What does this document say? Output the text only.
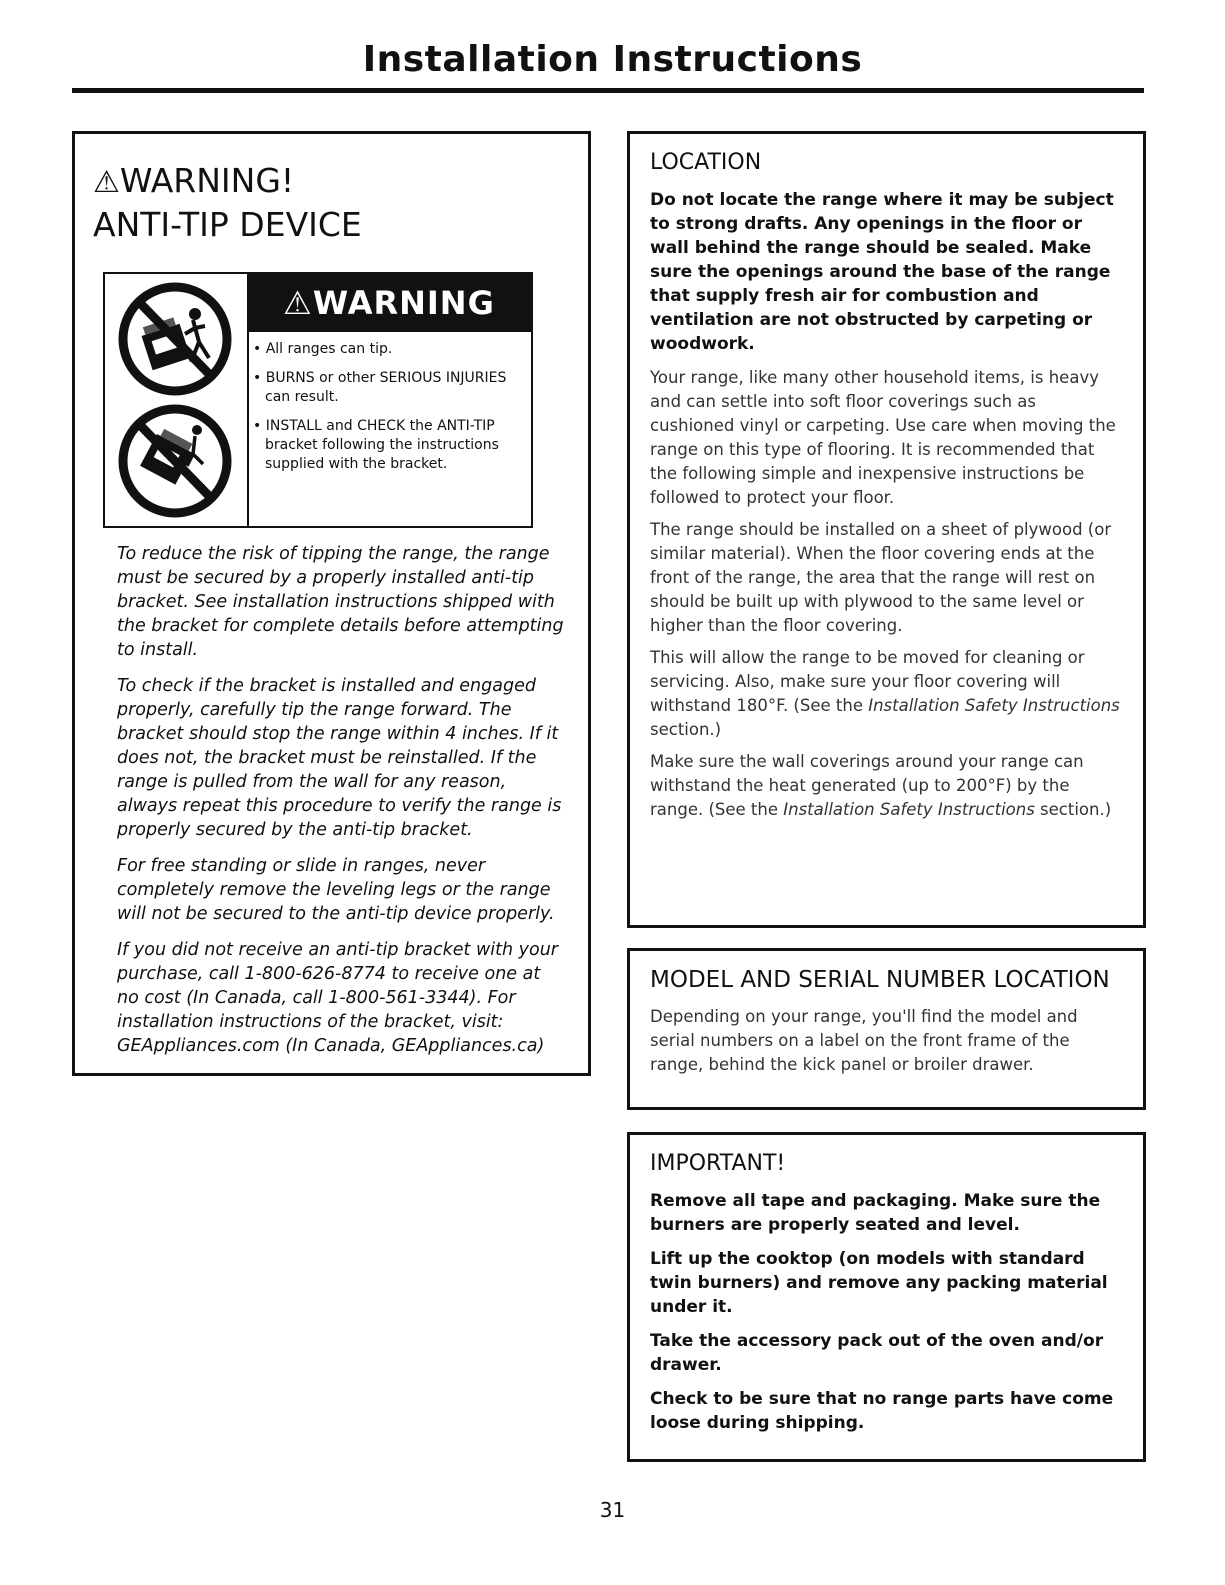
Installation Instructions
⚠WARNING!
ANTI-TIP DEVICE
⚠WARNING
• All ranges can tip.
• BURNS or other SERIOUS INJURIES can result.
• INSTALL and CHECK the ANTI-TIP bracket following the instructions supplied with the bracket.

To reduce the risk of tipping the range, the range must be secured by a properly installed anti-tip bracket. See installation instructions shipped with the bracket for complete details before attempting to install.

To check if the bracket is installed and engaged properly, carefully tip the range forward. The bracket should stop the range within 4 inches. If it does not, the bracket must be reinstalled. If the range is pulled from the wall for any reason, always repeat this procedure to verify the range is properly secured by the anti-tip bracket.

For free standing or slide in ranges, never completely remove the leveling legs or the range will not be secured to the anti-tip device properly.

If you did not receive an anti-tip bracket with your purchase, call 1-800-626-8774 to receive one at no cost (In Canada, call 1-800-561-3344). For installation instructions of the bracket, visit: GEAppliances.com (In Canada, GEAppliances.ca)

LOCATION

Do not locate the range where it may be subject to strong drafts. Any openings in the floor or wall behind the range should be sealed. Make sure the openings around the base of the range that supply fresh air for combustion and ventilation are not obstructed by carpeting or woodwork.

Your range, like many other household items, is heavy and can settle into soft floor coverings such as cushioned vinyl or carpeting. Use care when moving the range on this type of flooring. It is recommended that the following simple and inexpensive instructions be followed to protect your floor.

The range should be installed on a sheet of plywood (or similar material). When the floor covering ends at the front of the range, the area that the range will rest on should be built up with plywood to the same level or higher than the floor covering.

This will allow the range to be moved for cleaning or servicing. Also, make sure your floor covering will withstand 180°F. (See the Installation Safety Instructions section.)

Make sure the wall coverings around your range can withstand the heat generated (up to 200°F) by the range. (See the Installation Safety Instructions section.)

MODEL AND SERIAL NUMBER LOCATION

Depending on your range, you'll find the model and serial numbers on a label on the front frame of the range, behind the kick panel or broiler drawer.

IMPORTANT!

Remove all tape and packaging. Make sure the burners are properly seated and level.

Lift up the cooktop (on models with standard twin burners) and remove any packing material under it.

Take the accessory pack out of the oven and/or drawer.

Check to be sure that no range parts have come loose during shipping.

31
